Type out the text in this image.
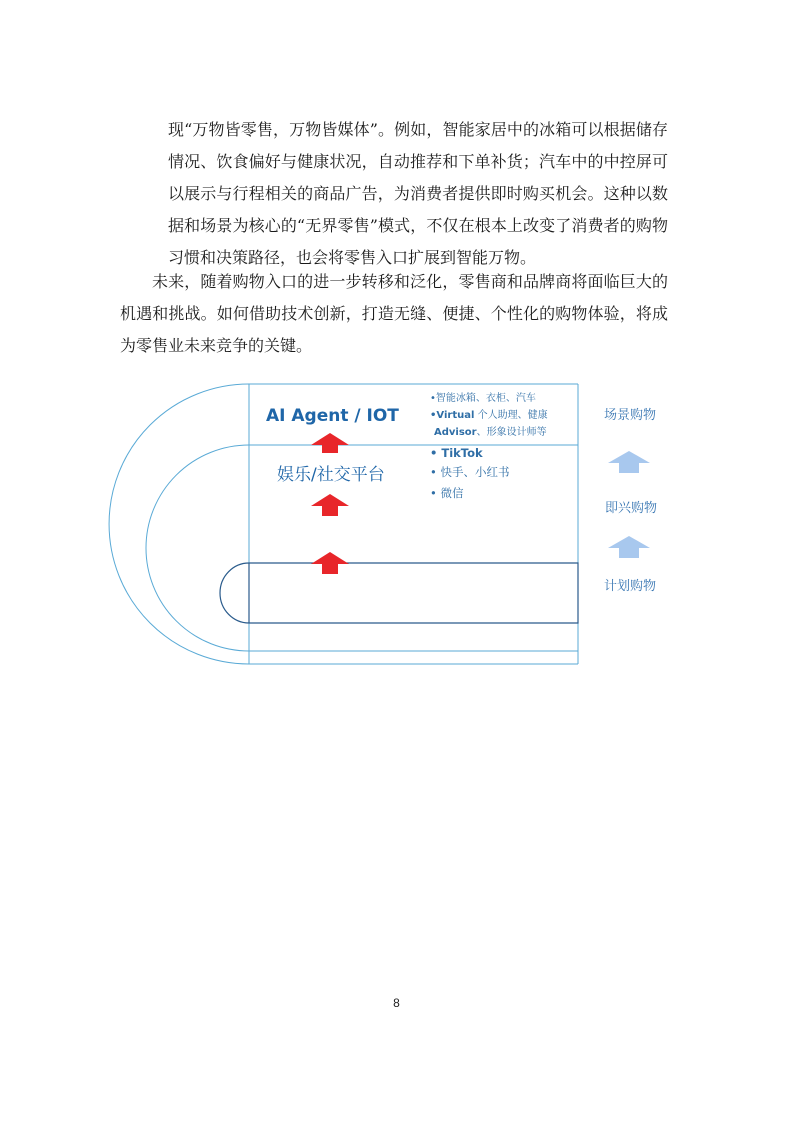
现“万物皆零售，万物皆媒体”。例如，智能家居中的冰箱可以根据储存情况、饮食偏好与健康状况，自动推荐和下单补货；汽车中的中控屏可以展示与行程相关的商品广告，为消费者提供即时购买机会。这种以数据和场景为核心的“无界零售”模式，不仅在根本上改变了消费者的购物习惯和决策路径，也会将零售入口扩展到智能万物。

未来，随着购物入口的进一步转移和泛化，零售商和品牌商将面临巨大的机遇和挑战。如何借助技术创新，打造无缝、便捷、个性化的购物体验，将成为零售业未来竞争的关键。

AI Agent / IOT
娱乐/社交平台
•智能冰箱、衣柜、汽车
•Virtual 个人助理、健康
Advisor、形象设计师等
• TikTok
• 快手、小红书
• 微信
场景购物
即兴购物
计划购物
8
